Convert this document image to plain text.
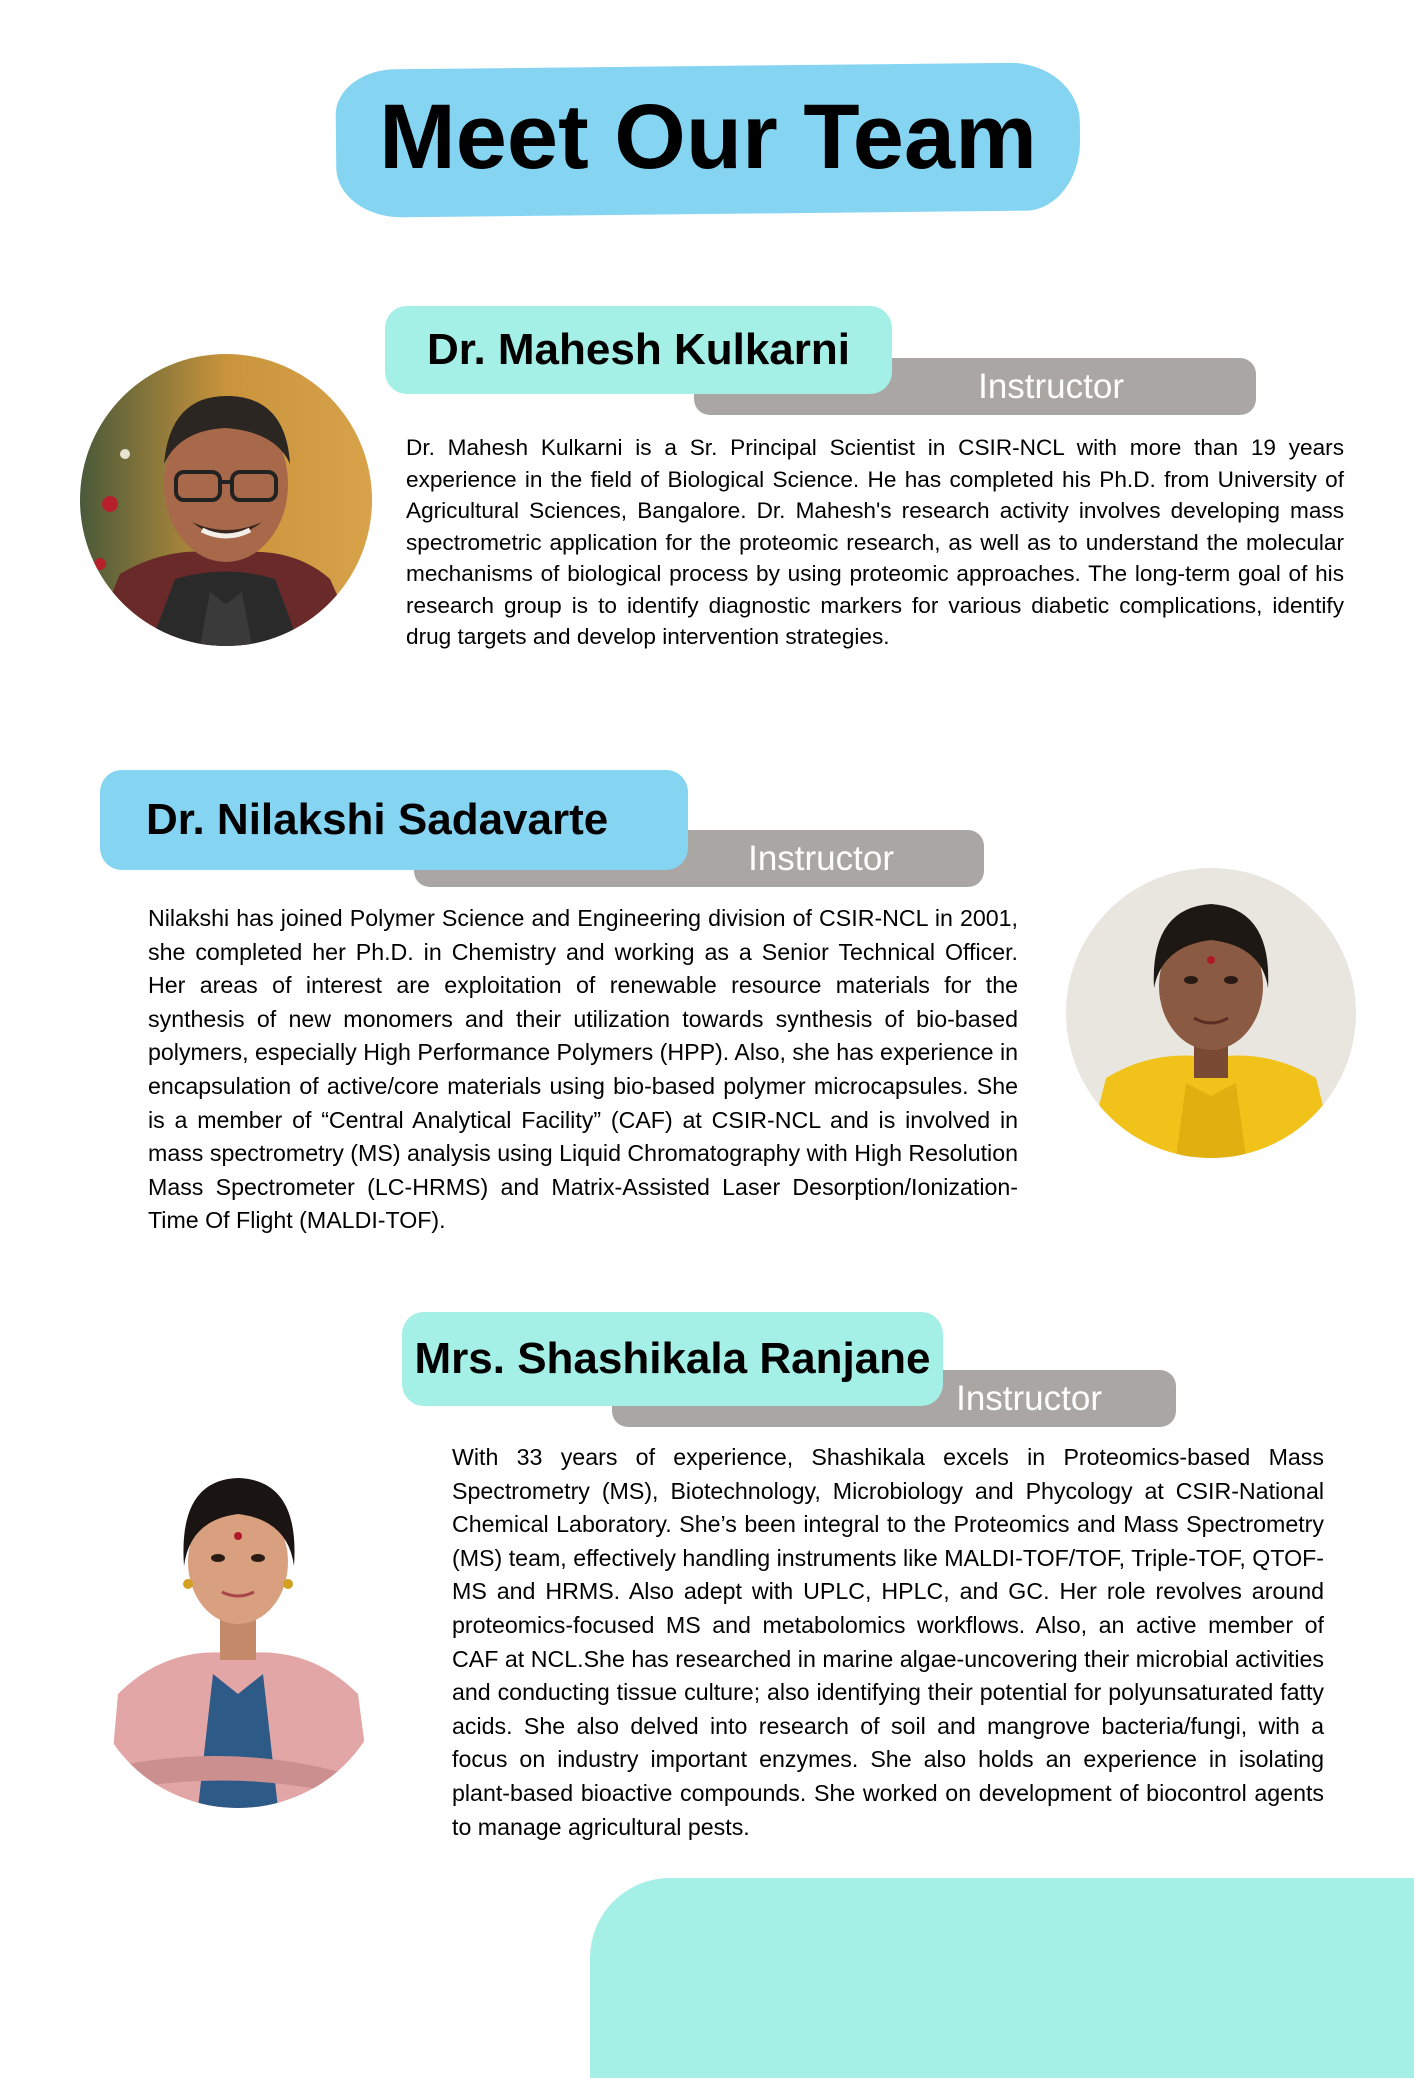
Meet Our Team
Instructor
Dr. Mahesh Kulkarni

Dr. Mahesh Kulkarni is a Sr. Principal Scientist in CSIR-NCL with more than 19 years experience in the field of Biological Science. He has completed his Ph.D. from University of Agricultural Sciences, Bangalore. Dr. Mahesh's research activity involves developing mass spectrometric application for the proteomic research, as well as to understand the molecular mechanisms of biological process by using proteomic approaches. The long-term goal of his research group is to identify diagnostic markers for various diabetic complications, identify drug targets and develop intervention strategies.

Instructor
Dr. Nilakshi Sadavarte

Nilakshi has joined Polymer Science and Engineering division of CSIR-NCL in 2001, she completed her Ph.D. in Chemistry and working as a Senior Technical Officer. Her areas of interest are exploitation of renewable resource materials for the synthesis of new monomers and their utilization towards synthesis of bio-based polymers, especially High Performance Polymers (HPP). Also, she has experience in encapsulation of active/core materials using bio-based polymer microcapsules. She is a member of “Central Analytical Facility” (CAF) at CSIR-NCL and is involved in mass spectrometry (MS) analysis using Liquid Chromatography with High Resolution Mass Spectrometer (LC-HRMS) and Matrix-Assisted Laser Desorption/Ionization-Time Of Flight (MALDI-TOF).

Instructor
Mrs. Shashikala Ranjane

With 33 years of experience, Shashikala excels in Proteomics-based Mass Spectrometry (MS), Biotechnology, Microbiology and Phycology at CSIR-National Chemical Laboratory. She’s been integral to the Proteomics and Mass Spectrometry (MS) team, effectively handling instruments like MALDI-TOF/TOF, Triple-TOF, QTOF-MS and HRMS. Also adept with UPLC, HPLC, and GC. Her role revolves around proteomics-focused MS and metabolomics workflows. Also, an active member of CAF at NCL.She has researched in marine algae-uncovering their microbial activities and conducting tissue culture; also identifying their potential for polyunsaturated fatty acids. She also delved into research of soil and mangrove bacteria/fungi, with a focus on industry important enzymes. She also holds an experience in isolating plant-based bioactive compounds. She worked on development of biocontrol agents to manage agricultural pests.
